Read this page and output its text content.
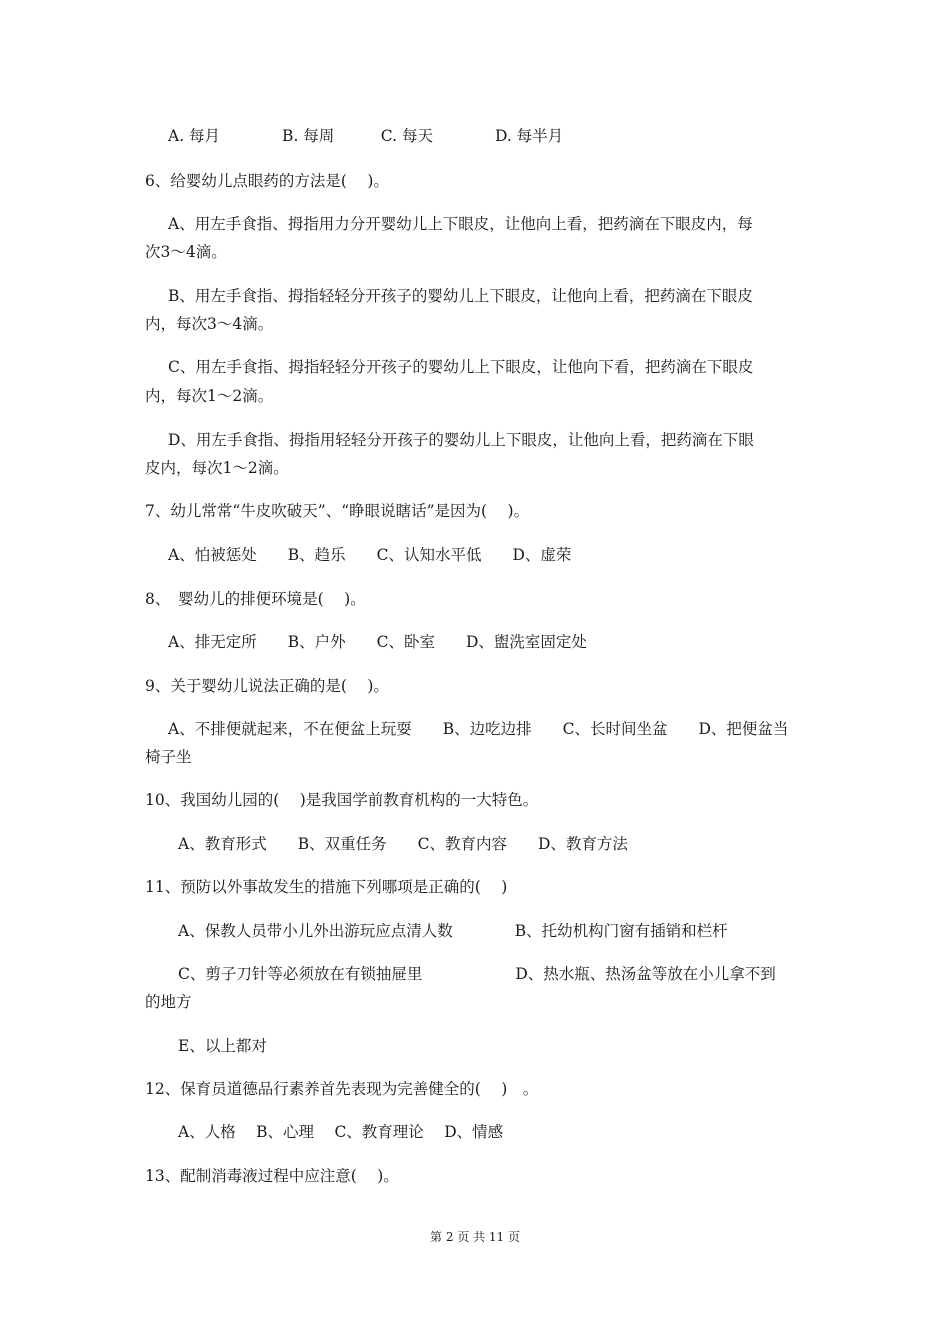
A. 每月　　　　B. 每周　　　C. 每天　　　　D. 每半月
6、给婴幼儿点眼药的方法是(　 )。
A、用左手食指、拇指用力分开婴幼儿上下眼皮，让他向上看，把药滴在下眼皮内，每
次3～4滴。
B、用左手食指、拇指轻轻分开孩子的婴幼儿上下眼皮，让他向上看，把药滴在下眼皮
内，每次3～4滴。
C、用左手食指、拇指轻轻分开孩子的婴幼儿上下眼皮，让他向下看，把药滴在下眼皮
内，每次1～2滴。
D、用左手食指、拇指用轻轻分开孩子的婴幼儿上下眼皮，让他向上看，把药滴在下眼
皮内，每次1～2滴。
7、幼儿常常“牛皮吹破天”、“睁眼说瞎话”是因为(　 )。
A、怕被惩处　　B、趋乐　　C、认知水平低　　D、虚荣
8、　婴幼儿的排便环境是(　 )。
A、排无定所　　B、户外　　C、卧室　　D、盥洗室固定处
9、关于婴幼儿说法正确的是(　 )。
A、不排便就起来，不在便盆上玩耍　　B、边吃边排　　C、长时间坐盆　　D、把便盆当
椅子坐
10、我国幼儿园的(　 )是我国学前教育机构的一大特色。
A、教育形式　　B、双重任务　　C、教育内容　　D、教育方法
11、预防以外事故发生的措施下列哪项是正确的(　 )
A、保教人员带小儿外出游玩应点清人数　　　　B、托幼机构门窗有插销和栏杆
C、剪子刀针等必须放在有锁抽屉里　　　　　　D、热水瓶、热汤盆等放在小儿拿不到
的地方
E、以上都对
12、保育员道德品行素养首先表现为完善健全的(　 )　。
A、人格　 B、心理　 C、教育理论　 D、情感
13、配制消毒液过程中应注意(　 )。
第 2 页 共 11 页
